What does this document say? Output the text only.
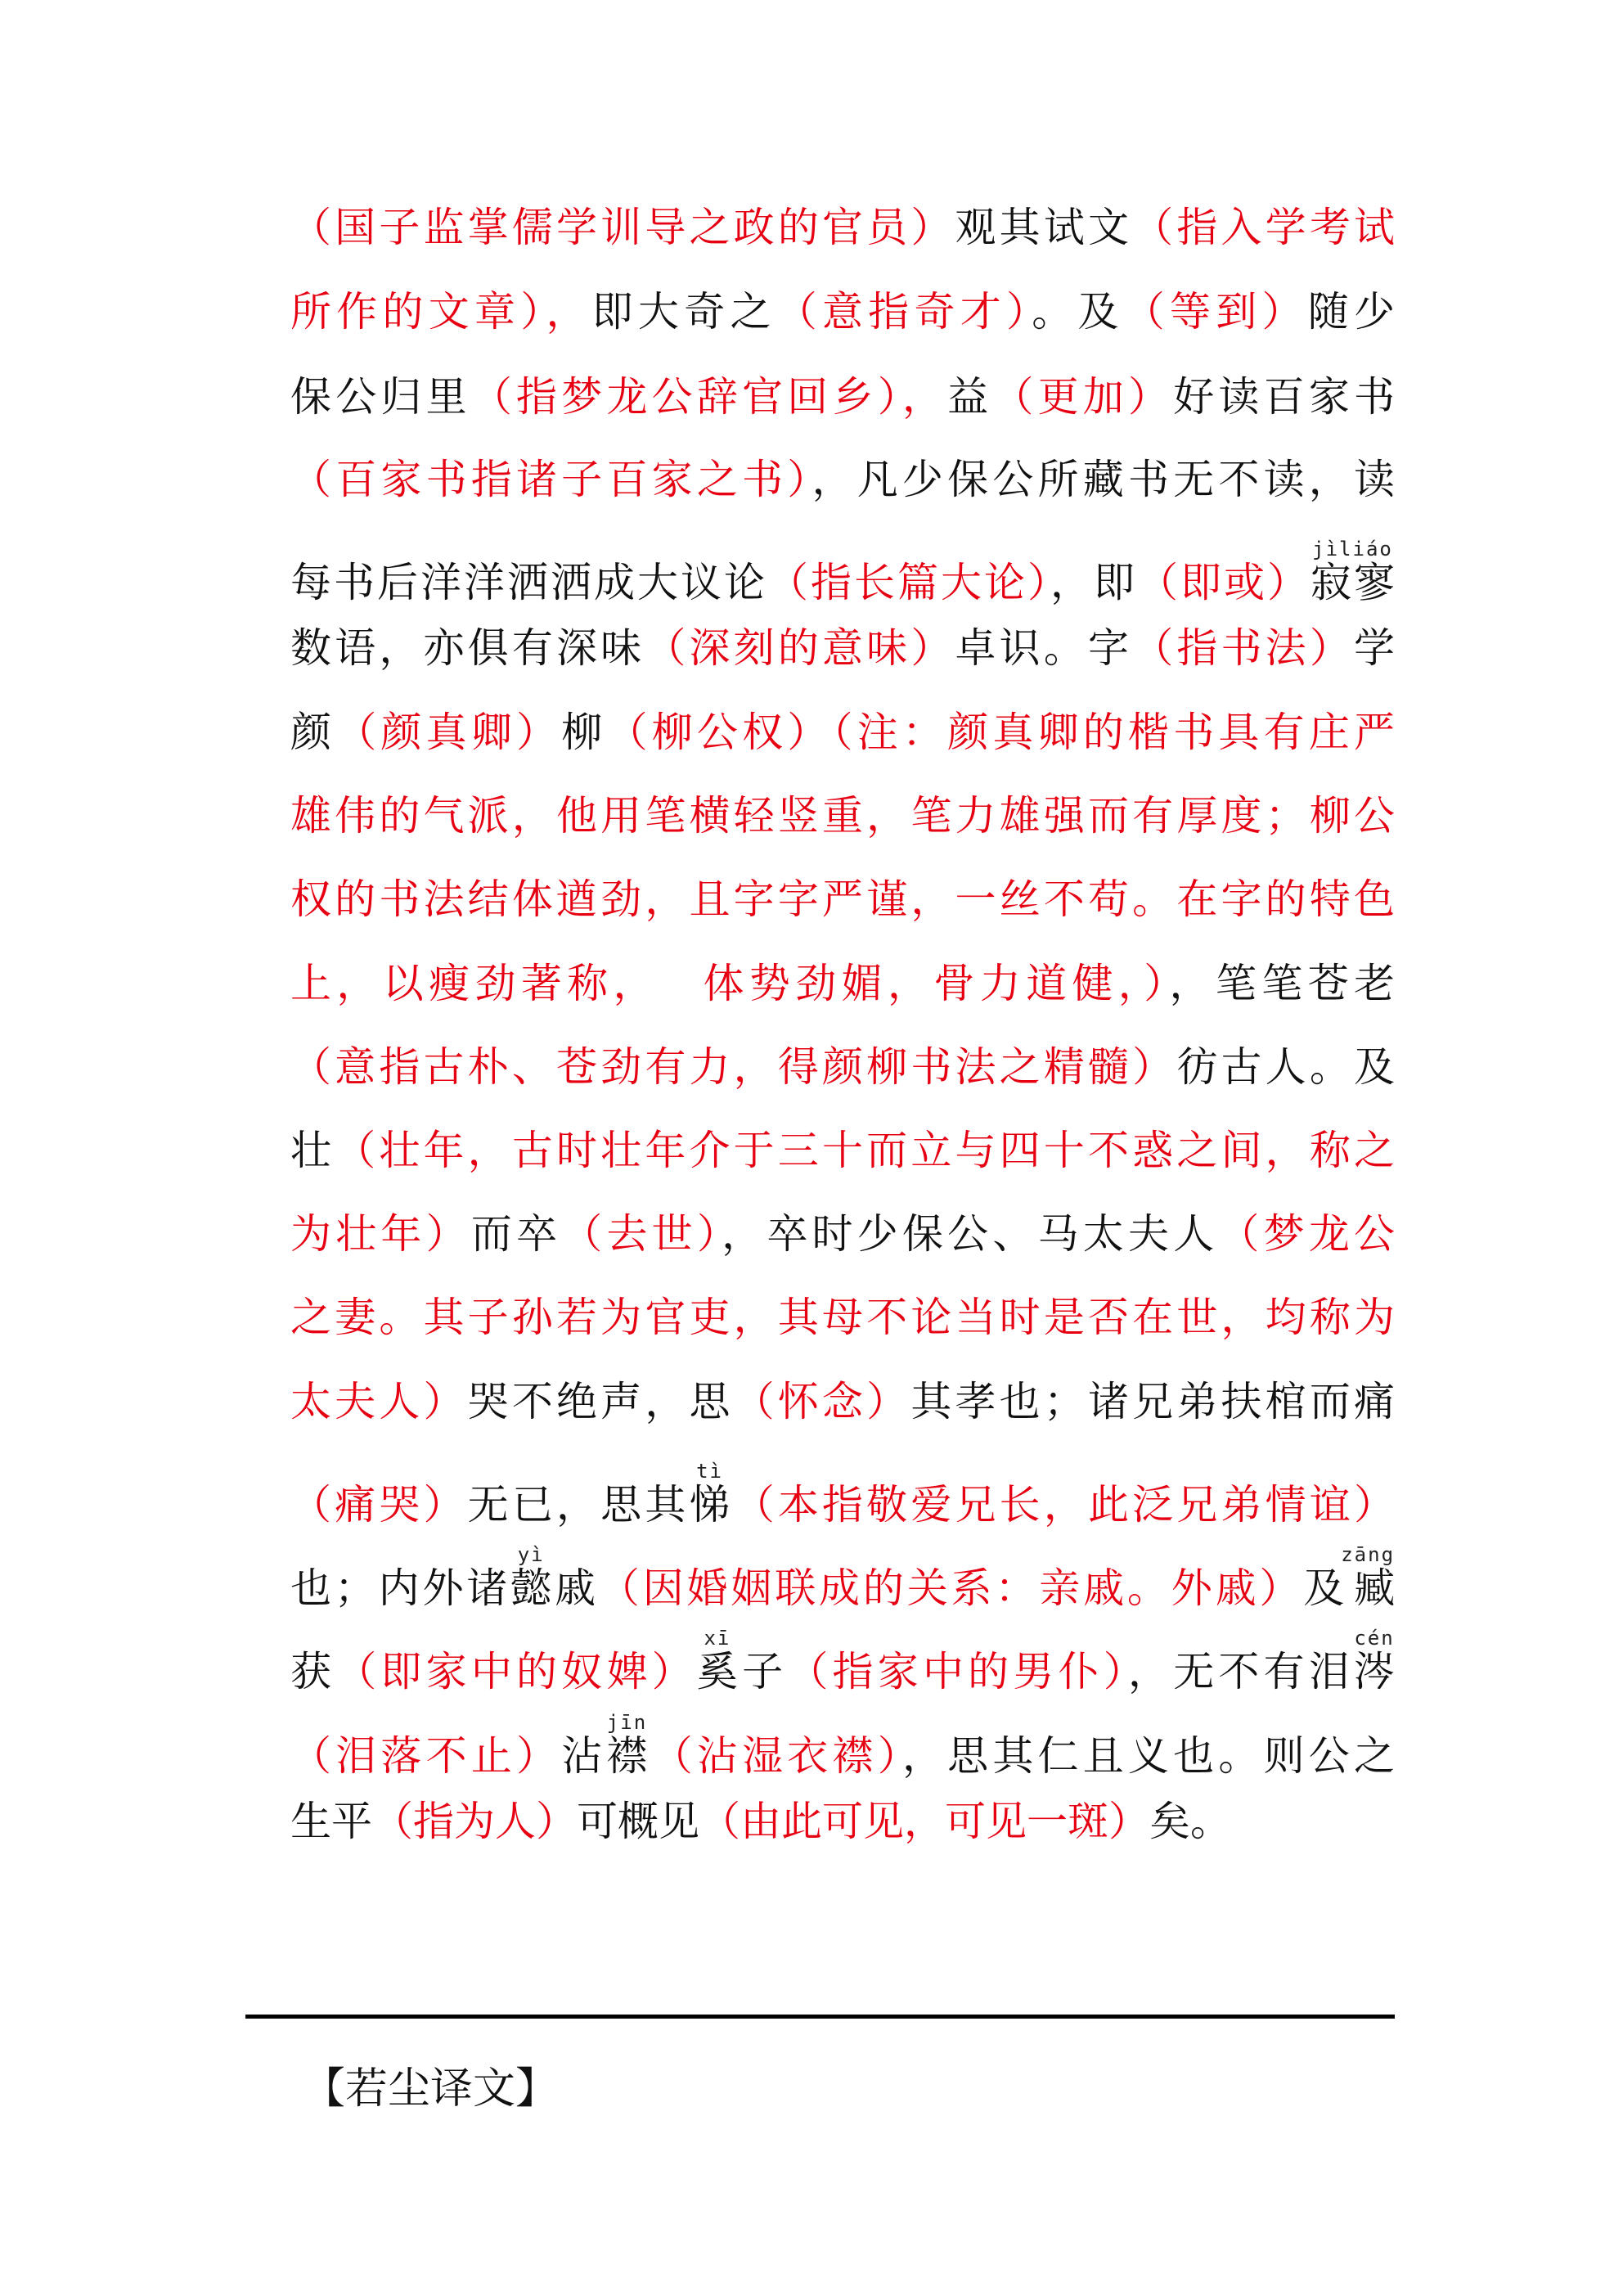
（国子监掌儒学训导之政的官员）观其试文（指入学考试
所作的文章），即大奇之（意指奇才）。及（等到）随少
保公归里（指梦龙公辞官回乡），益（更加）好读百家书
（百家书指诸子百家之书），凡少保公所藏书无不读，读
每书后洋洋洒洒成大议论（指长篇大论），即（即或）寂寥jìliáo
数语，亦俱有深味（深刻的意味）卓识。字（指书法）学
颜（颜真卿）柳（柳公权）（注：颜真卿的楷书具有庄严
雄伟的气派，他用笔横轻竖重，笔力雄强而有厚度；柳公
权的书法结体遒劲，且字字严谨，一丝不苟。在字的特色
上，以瘦劲著称，　 体势劲媚，骨力道健，），笔笔苍老
（意指古朴、苍劲有力，得颜柳书法之精髓）彷古人。及
壮（壮年，古时壮年介于三十而立与四十不惑之间，称之
为壮年）而卒（去世），卒时少保公、马太夫人（梦龙公
之妻。其子孙若为官吏，其母不论当时是否在世，均称为
太夫人）哭不绝声，思（怀念）其孝也；诸兄弟扶棺而痛
（痛哭）无已，思其悌tì（本指敬爱兄长，此泛兄弟情谊）
也；内外诸懿yì戚（因婚姻联成的关系：亲戚。外戚）及臧zāng
获（即家中的奴婢）奚xī子（指家中的男仆），无不有泪涔cén
（泪落不止）沾襟jīn（沾湿衣襟），思其仁且义也。则公之
生平（指为人）可概见（由此可见，可见一斑）矣。
【若尘译文】
